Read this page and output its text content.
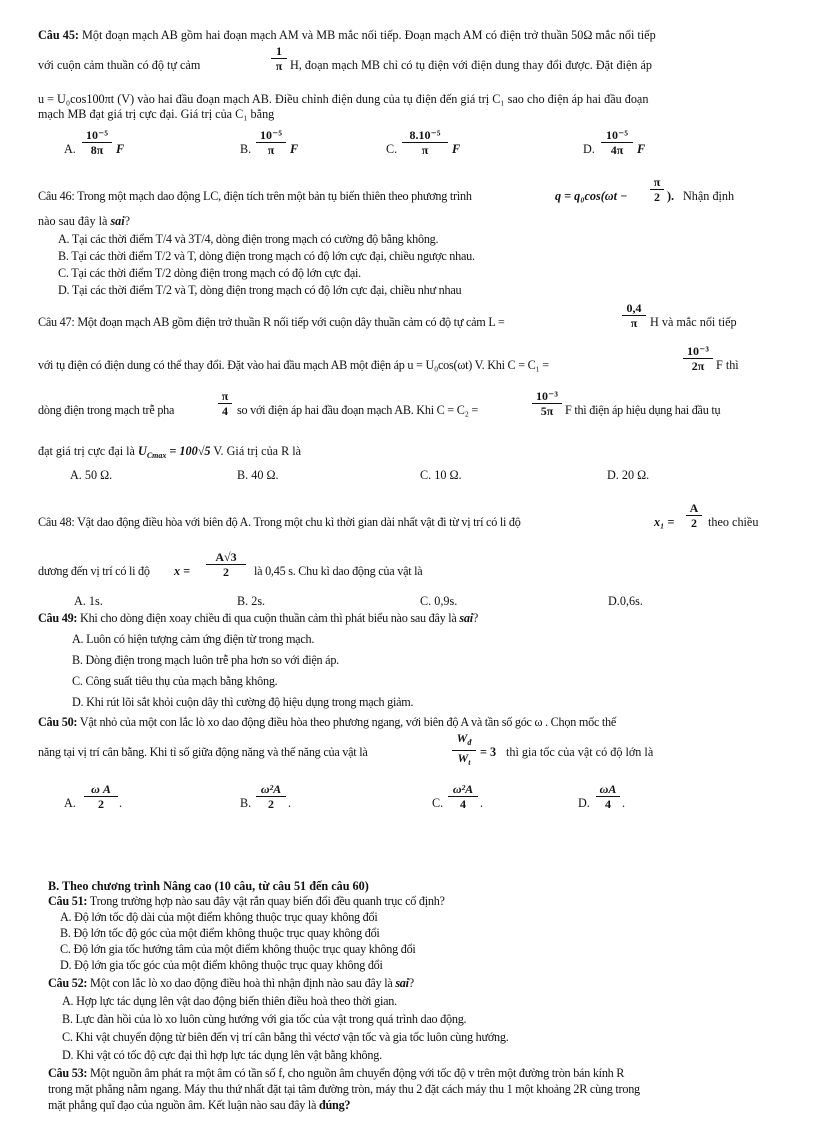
Câu 45: Một đoạn mạch AB gồm hai đoạn mạch AM và MB mắc nối tiếp. Đoạn mạch AM có điện trở thuần 50Ω mắc nối tiếp
với cuộn cảm thuần có độ tự cảm	$\frac{1}{\pi} H$, đoạn mạch MB chỉ có tụ điện với điện dung thay đổi được. Đặt điện áp
u = U₀cos100πt (V) vào hai đầu đoạn mạch AB. Điều chỉnh điện dung của tụ điện đến giá trị C₁ sao cho điện áp hai đầu đoạn
mạch MB đạt giá trị cực đại. Giá trị của C₁ bằng
A. $\frac{\text{10⁻⁵}}{8\pi}$ F	B. $\frac{\text{10⁻⁵}}{\pi}$ F	C. $\frac{\text{8.10⁻⁵}}{\pi}$ F	D. $\frac{\text{10⁻⁵}}{4\pi}$ F
Câu 46: Trong một mạch dao động LC, điện tích trên một bản tụ biến thiên theo phương trình	$q = q_0\cos(\omega t - \frac{\pi}{2}$ ). Nhận định
nào sau đây là sai?
A. Tại các thời điểm T/4 và 3T/4, dòng điện trong mạch có cường độ bằng không.
B. Tại các thời điểm T/2 và T, dòng điện trong mạch có độ lớn cực đại, chiều ngược nhau.
C. Tại các thời điểm T/2 dòng điện trong mạch có độ lớn cực đại.
D. Tại các thời điểm T/2 và T, dòng điện trong mạch có độ lớn cực đại, chiều như nhau
Câu 47: Một đoạn mạch AB gồm điện trở thuần R nối tiếp với cuộn dây thuần cảm có độ tự cảm L =	$\frac{0,4}{\pi}$ H và mắc nối tiếp
với tụ điện có điện dung có thể thay đổi. Đặt vào hai đầu mạch AB một điện áp u = U₀cos(ωt) V. Khi C = C₁ =	$\frac{\text{10⁻³}}{2\pi}$ F thì
dòng điện trong mạch trễ pha	$\frac{\pi}{4}$ so với điện áp hai đầu đoạn mạch AB. Khi C = C₂ =	$\frac{\text{10⁻³}}{5\pi}$ F thì điện áp hiệu dụng hai đầu tụ
đạt giá trị cực đại là $U_{Cmax} = 100√5$ V. Giá trị của R là
A. 50 Ω.	B. 40 Ω.	C. 10 Ω.	D. 20 Ω.
Câu 48: Vật dao động điều hòa với biên độ A. Trong một chu kì thời gian dài nhất vật đi từ vị trí có li độ	$x_1 = \frac{A}{2}$ theo chiều
dương đến vị trí có li độ $x = \frac{A√3}{2}$ là 0,45 s. Chu kì dao động của vật là
A. 1s.	B. 2s.	C. 0,9s.	D.0,6s.
Câu 49: Khi cho dòng điện xoay chiều đi qua cuộn thuần cảm thì phát biểu nào sau đây là sai?
A. Luôn có hiện tượng cảm ứng điện từ trong mạch.
B. Dòng điện trong mạch luôn trễ pha hơn so với điện áp.
C. Công suất tiêu thụ của mạch bằng không.
D. Khi rút lõi sắt khỏi cuộn dây thì cường độ hiệu dụng trong mạch giảm.
Câu 50: Vật nhỏ của một con lắc lò xo dao động điều hòa theo phương ngang, với biên độ A và tần số góc ω . Chọn mốc thế
năng tại vị trí cân bằng. Khi tỉ số giữa động năng và thế năng của vật là	$\frac{W_đ}{W_t} = 3$ thì gia tốc của vật có độ lớn là
A. $\frac{\text{ω A}}{2}$ .	B. $\frac{\text{ω²A}}{2}$ .	C. $\frac{\text{ω²A}}{4}$ .	D. $\frac{\omega A}{4}$ .
B. Theo chương trình Nâng cao (10 câu, từ câu 51 đến câu 60)
Câu 51: Trong trường hợp nào sau đây vật rắn quay biến đổi đều quanh trục cố định?
A. Độ lớn tốc độ dài của một điểm không thuộc trục quay không đổi
B. Độ lớn tốc độ góc của một điểm không thuộc trục quay không đổi
C. Độ lớn gia tốc hướng tâm của một điểm không thuộc trục quay không đổi
D. Độ lớn gia tốc góc của một điểm không thuộc trục quay không đổi
Câu 52: Một con lắc lò xo dao động điều hoà thì nhận định nào sau đây là sai?
A. Hợp lực tác dụng lên vật dao động biến thiên điều hoà theo thời gian.
B. Lực đàn hồi của lò xo luôn cùng hướng với gia tốc của vật trong quá trình dao động.
C. Khi vật chuyển động từ biên đến vị trí cân bằng thì véctơ vận tốc và gia tốc luôn cùng hướng.
D. Khi vật có tốc độ cực đại thì hợp lực tác dụng lên vật bằng không.
Câu 53: Một nguồn âm phát ra một âm có tần số f, cho nguồn âm chuyển động với tốc độ v trên một đường tròn bán kính R
trong mặt phẳng nằm ngang. Máy thu thứ nhất đặt tại tâm đường tròn, máy thu 2 đặt cách máy thu 1 một khoảng 2R cùng trong
mặt phẳng quĩ đạo của nguồn âm. Kết luận nào sau đây là đúng?
